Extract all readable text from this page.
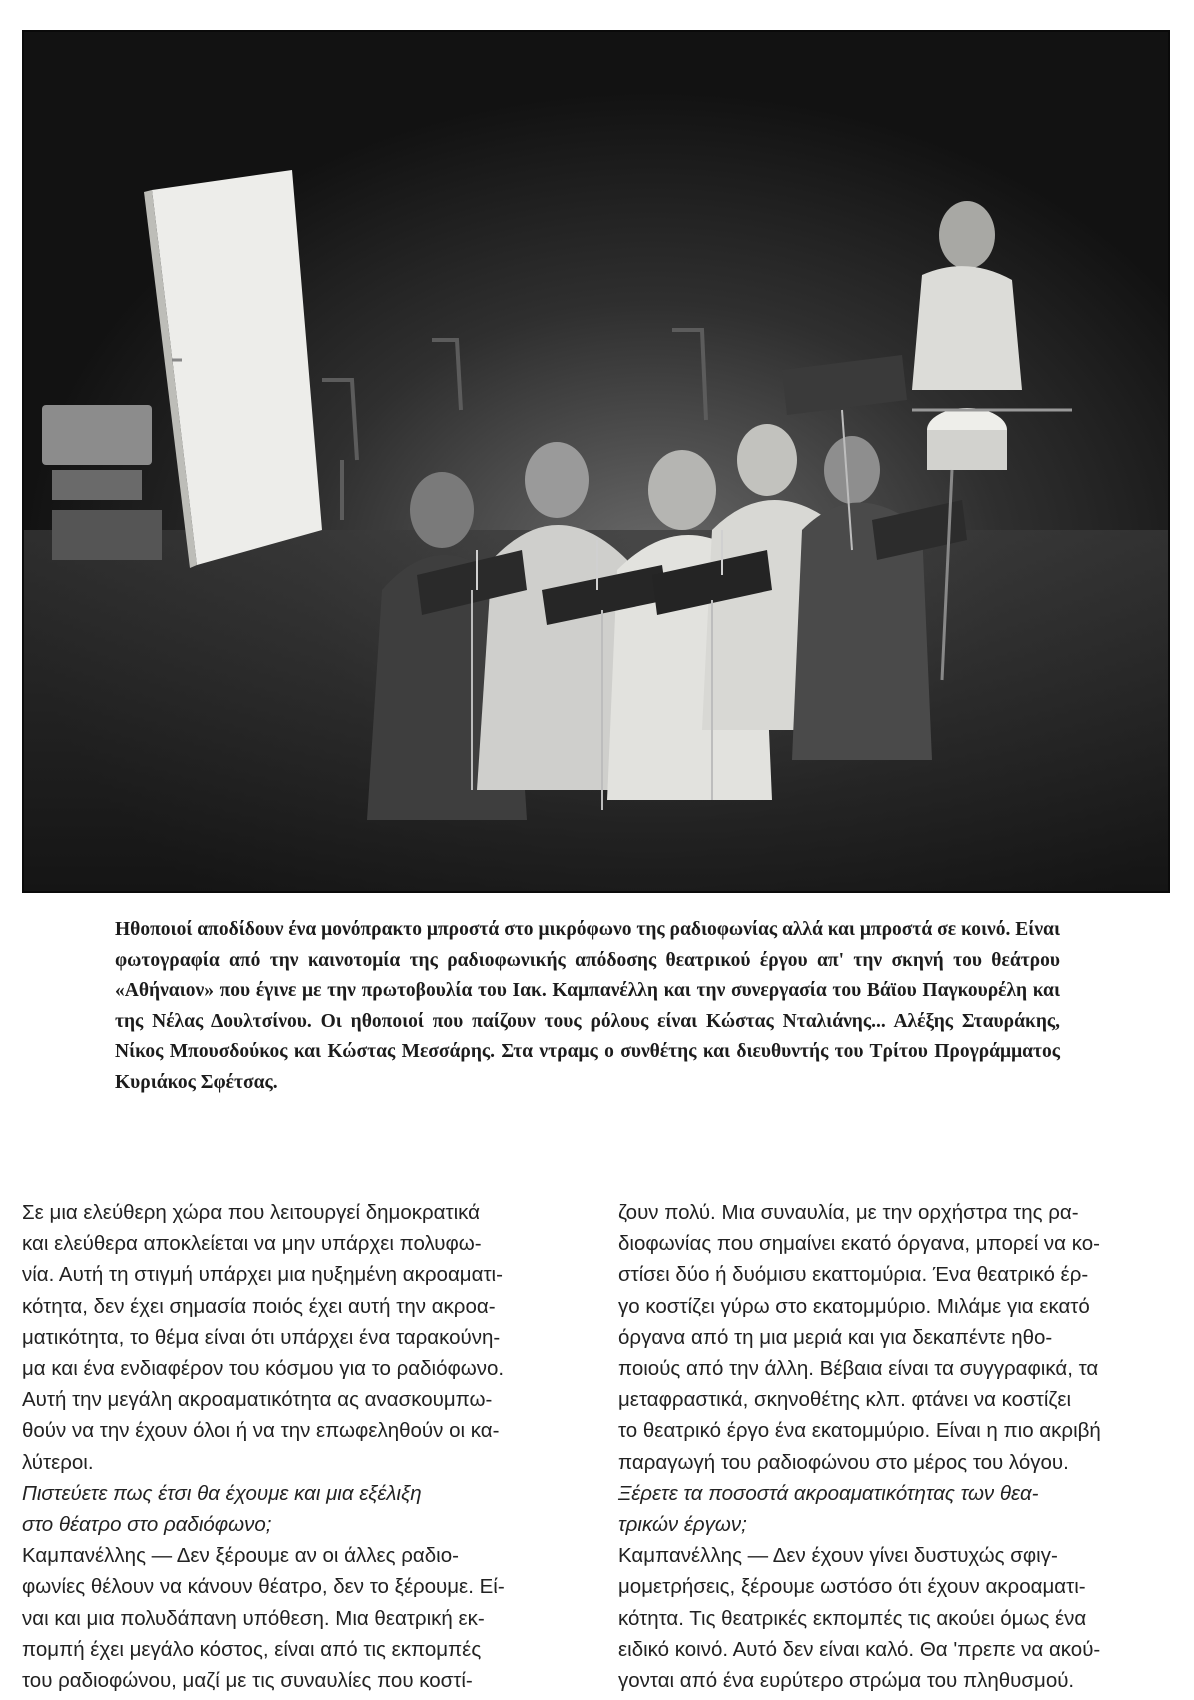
Ηθοποιοί αποδίδουν ένα μονόπρακτο μπροστά στο μικρόφωνο της ραδιοφωνίας αλλά και μπροστά σε κοινό. Είναι φωτογραφία από την καινοτομία της ραδιοφωνικής απόδοσης θεατρικού έργου απ' την σκηνή του θεάτρου «Αθήναιον» που έγινε με την πρωτοβουλία του Ιακ. Καμπανέλλη και την συνεργασία του Βάϊου Παγκουρέλη και της Νέλας Δουλτσίνου. Οι ηθοποιοί που παίζουν τους ρόλους είναι Κώστας Νταλιάνης... Αλέξης Σταυράκης, Νίκος Μπουσδούκος και Κώστας Μεσσάρης. Στα ντραμς ο συνθέτης και διευθυντής του Τρίτου Προγράμματος Κυριάκος Σφέτσας.

Σε μια ελεύθερη χώρα που λειτουργεί δημοκρατικά
και ελεύθερα αποκλείεται να μην υπάρχει πολυφω-
νία. Αυτή τη στιγμή υπάρχει μια ηυξημένη ακροαματι-
κότητα, δεν έχει σημασία ποιός έχει αυτή την ακροα-
ματικότητα, το θέμα είναι ότι υπάρχει ένα ταρακούνη-
μα και ένα ενδιαφέρον του κόσμου για το ραδιόφωνο.
Αυτή την μεγάλη ακροαματικότητα ας ανασκουμπω-
θούν να την έχουν όλοι ή να την επωφεληθούν οι κα-
λύτεροι.

Πιστεύετε πως έτσι θα έχουμε και μια εξέλιξη
στο θέατρο στο ραδιόφωνο;

Καμπανέλλης — Δεν ξέρουμε αν οι άλλες ραδιο-
φωνίες θέλουν να κάνουν θέατρο, δεν το ξέρουμε. Εί-
ναι και μια πολυδάπανη υπόθεση. Μια θεατρική εκ-
πομπή έχει μεγάλο κόστος, είναι από τις εκπομπές
του ραδιοφώνου, μαζί με τις συναυλίες που κοστί-

ζουν πολύ. Μια συναυλία, με την ορχήστρα της ρα-
διοφωνίας που σημαίνει εκατό όργανα, μπορεί να κο-
στίσει δύο ή δυόμισυ εκαττομύρια. Ένα θεατρικό έρ-
γο κοστίζει γύρω στο εκατομμύριο. Μιλάμε για εκατό
όργανα από τη μια μεριά και για δεκαπέντε ηθο-
ποιούς από την άλλη. Βέβαια είναι τα συγγραφικά, τα
μεταφραστικά, σκηνοθέτης κλπ. φτάνει να κοστίζει
το θεατρικό έργο ένα εκατομμύριο. Είναι η πιο ακριβή
παραγωγή του ραδιοφώνου στο μέρος του λόγου.

Ξέρετε τα ποσοστά ακροαματικότητας των θεα-
τρικών έργων;

Καμπανέλλης — Δεν έχουν γίνει δυστυχώς σφιγ-
μομετρήσεις, ξέρουμε ωστόσο ότι έχουν ακροαματι-
κότητα. Τις θεατρικές εκπομπές τις ακούει όμως ένα
ειδικό κοινό. Αυτό δεν είναι καλό. Θα 'πρεπε να ακού-
γονται από ένα ευρύτερο στρώμα του πληθυσμού.
